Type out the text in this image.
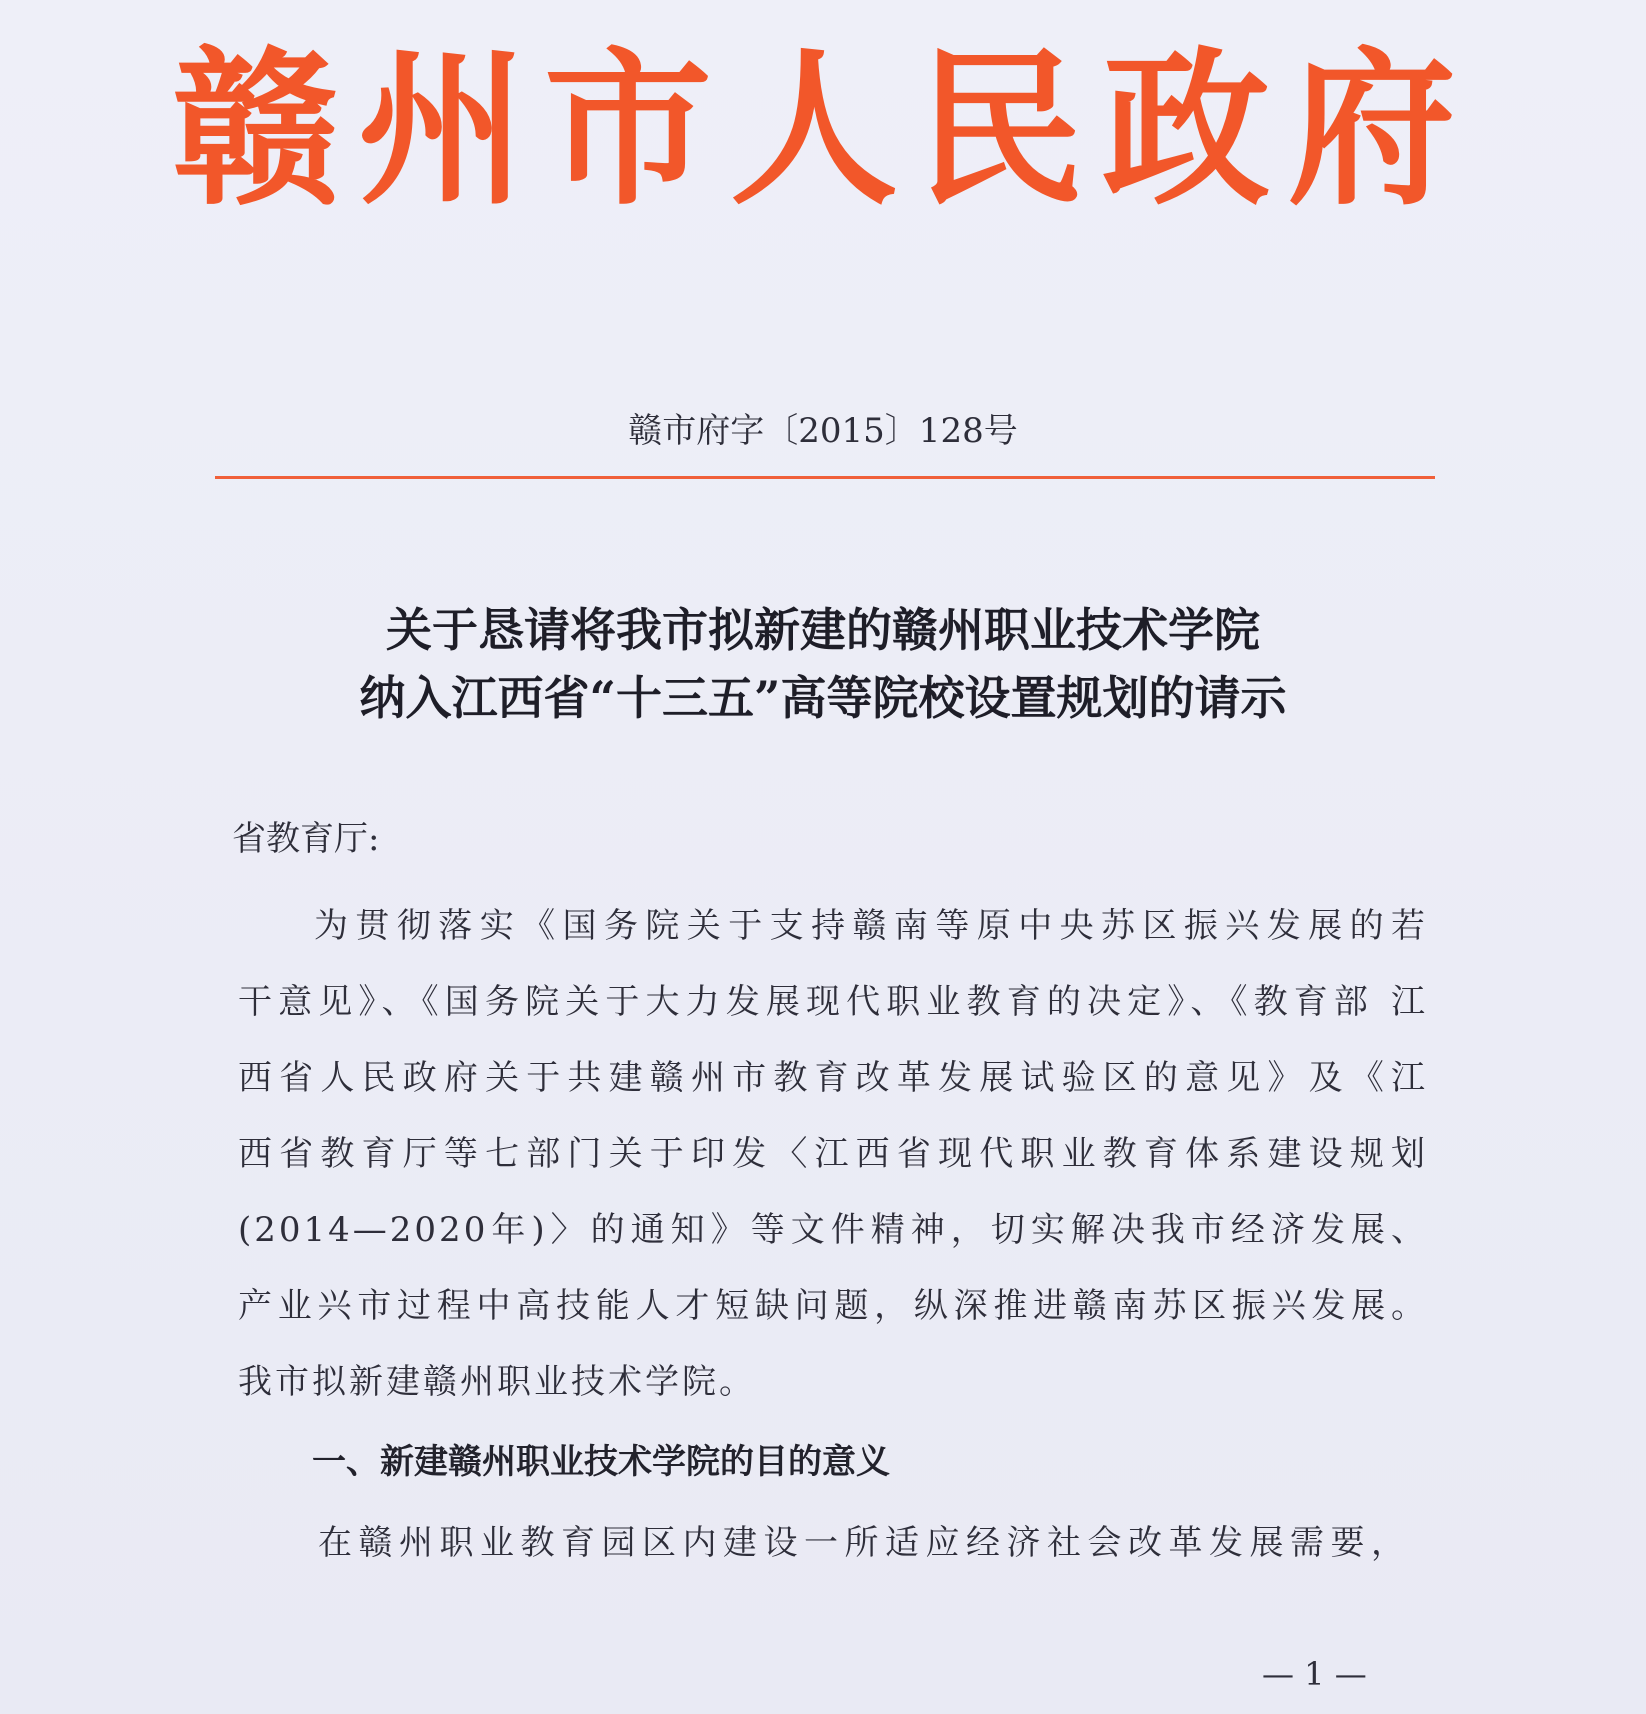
赣州市人民政府
赣市府字〔2015〕128号
关于恳请将我市拟新建的赣州职业技术学院
纳入江西省“十三五”高等院校设置规划的请示
省教育厅:
为贯彻落实《国务院关于支持赣南等原中央苏区振兴发展的若
干意见》、《国务院关于大力发展现代职业教育的决定》、《教育部 江
西省人民政府关于共建赣州市教育改革发展试验区的意见》及《江
西省教育厅等七部门关于印发〈江西省现代职业教育体系建设规划
(2014—2020年)〉的通知》等文件精神，切实解决我市经济发展、
产业兴市过程中高技能人才短缺问题，纵深推进赣南苏区振兴发展。
我市拟新建赣州职业技术学院。
一、新建赣州职业技术学院的目的意义
在赣州职业教育园区内建设一所适应经济社会改革发展需要，
— 1 —
